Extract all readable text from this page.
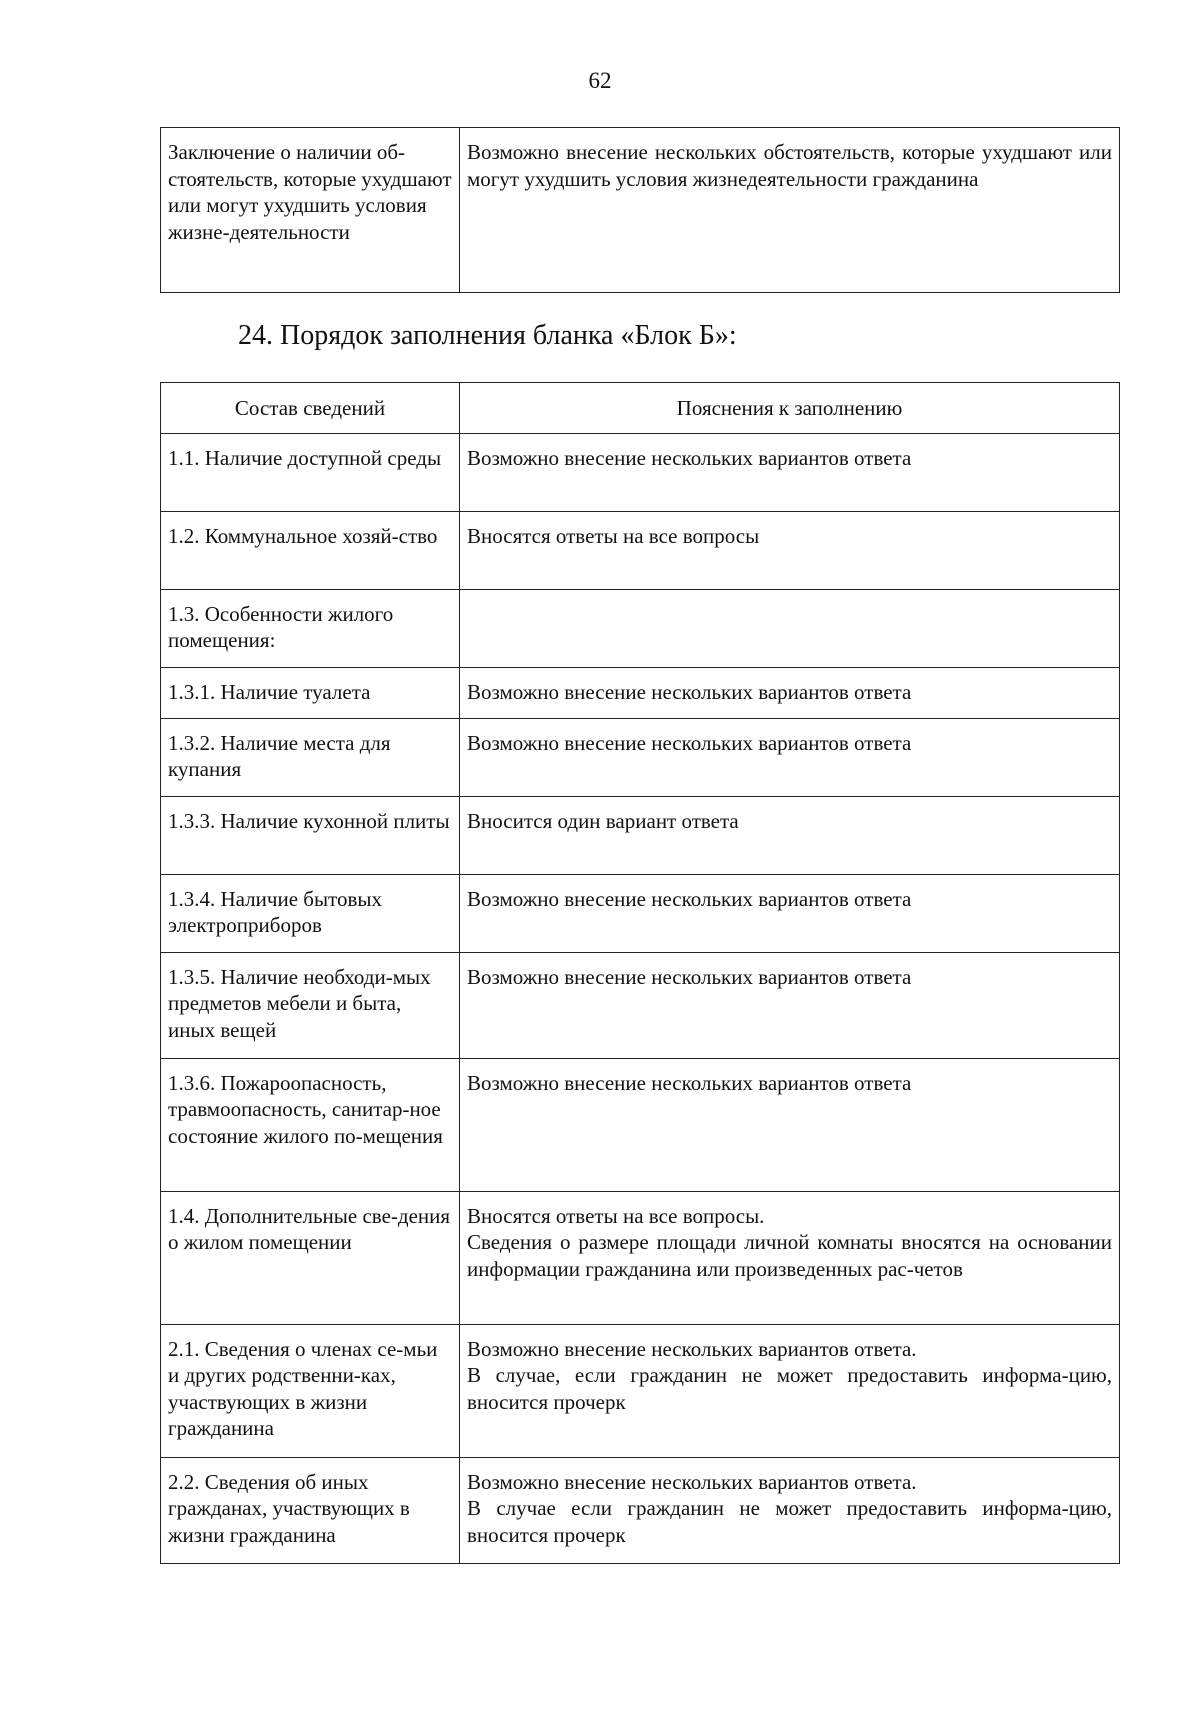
62
Заключение о наличии об-стоятельств, которые ухудшают или могут ухудшить условия жизне-деятельности	Возможно внесение нескольких обстоятельств, которые ухудшают или могут ухудшить условия жизнедеятельности гражданина
24. Порядок заполнения бланка «Блок Б»:
Состав сведений	Пояснения к заполнению
1.1. Наличие доступной среды	Возможно внесение нескольких вариантов ответа

1.2. Коммунальное хозяй-ство	Вносятся ответы на все вопросы

1.3. Особенности жилого помещения:	

1.3.1. Наличие туалета	Возможно внесение нескольких вариантов ответа

1.3.2. Наличие места для купания	Возможно внесение нескольких вариантов ответа

1.3.3. Наличие кухонной плиты	Вносится один вариант ответа

1.3.4. Наличие бытовых электроприборов	Возможно внесение нескольких вариантов ответа

1.3.5. Наличие необходи-мых предметов мебели и быта, иных вещей	Возможно внесение нескольких вариантов ответа

1.3.6. Пожароопасность, травмоопасность, санитар-ное состояние жилого по-мещения	Возможно внесение нескольких вариантов ответа

1.4. Дополнительные све-дения о жилом помещении	Вносятся ответы на все вопросы.
Сведения о размере площади личной комнаты вносятся на основании информации гражданина или произведенных рас-четов

2.1. Сведения о членах се-мьи и других родственни-ках, участвующих в жизни гражданина	Возможно внесение нескольких вариантов ответа.
В случае, если гражданин не может предоставить информа-цию, вносится прочерк

2.2. Сведения об иных гражданах, участвующих в жизни гражданина	Возможно внесение нескольких вариантов ответа.
В случае если гражданин не может предоставить информа-цию, вносится прочерк
